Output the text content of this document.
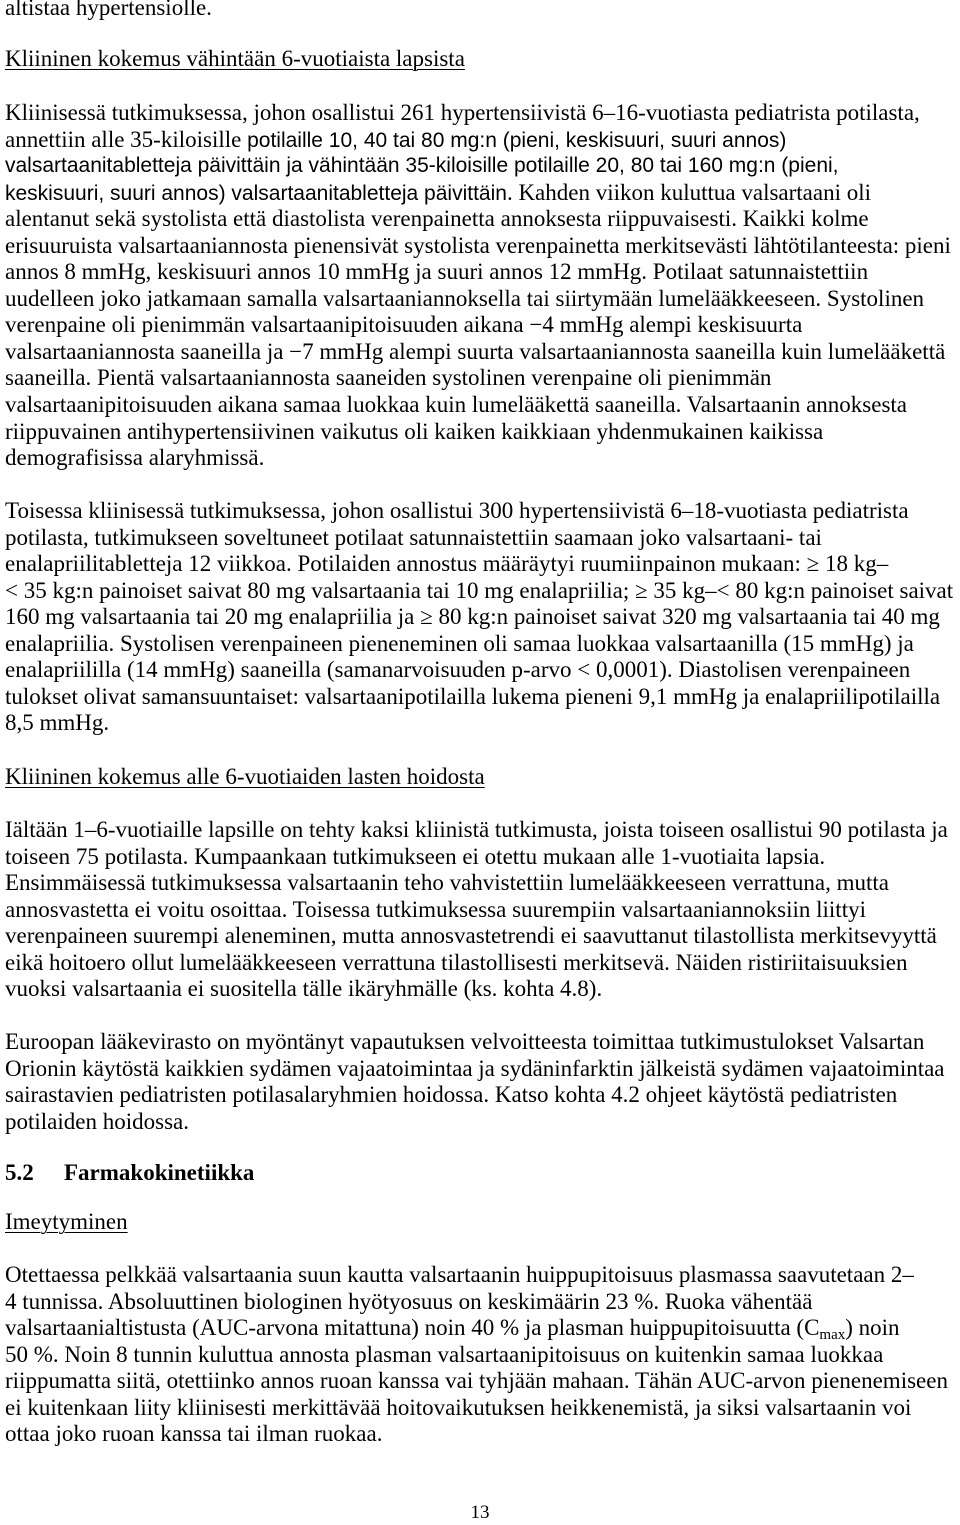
altistaa hypertensiolle.
Kliininen kokemus vähintään 6-vuotiaista lapsista
Kliinisessä tutkimuksessa, johon osallistui 261 hypertensiivistä 6–16-vuotiasta pediatrista potilasta,
annettiin alle 35-kiloisille potilaille 10, 40 tai 80 mg:n (pieni, keskisuuri, suuri annos)
valsartaanitabletteja päivittäin ja vähintään 35-kiloisille potilaille 20, 80 tai 160 mg:n (pieni,
keskisuuri, suuri annos) valsartaanitabletteja päivittäin. Kahden viikon kuluttua valsartaani oli
alentanut sekä systolista että diastolista verenpainetta annoksesta riippuvaisesti. Kaikki kolme
erisuuruista valsartaaniannosta pienensivät systolista verenpainetta merkitsevästi lähtötilanteesta: pieni
annos 8 mmHg, keskisuuri annos 10 mmHg ja suuri annos 12 mmHg. Potilaat satunnaistettiin
uudelleen joko jatkamaan samalla valsartaaniannoksella tai siirtymään lumelääkkeeseen. Systolinen
verenpaine oli pienimmän valsartaanipitoisuuden aikana −4 mmHg alempi keskisuurta
valsartaaniannosta saaneilla ja −7 mmHg alempi suurta valsartaaniannosta saaneilla kuin lumelääkettä
saaneilla. Pientä valsartaaniannosta saaneiden systolinen verenpaine oli pienimmän
valsartaanipitoisuuden aikana samaa luokkaa kuin lumelääkettä saaneilla. Valsartaanin annoksesta
riippuvainen antihypertensiivinen vaikutus oli kaiken kaikkiaan yhdenmukainen kaikissa
demografisissa alaryhmissä.
Toisessa kliinisessä tutkimuksessa, johon osallistui 300 hypertensiivistä 6–18-vuotiasta pediatrista
potilasta, tutkimukseen soveltuneet potilaat satunnaistettiin saamaan joko valsartaani- tai
enalapriilitabletteja 12 viikkoa. Potilaiden annostus määräytyi ruumiinpainon mukaan: ≥ 18 kg–
< 35 kg:n painoiset saivat 80 mg valsartaania tai 10 mg enalapriilia; ≥ 35 kg–< 80 kg:n painoiset saivat
160 mg valsartaania tai 20 mg enalapriilia ja ≥ 80 kg:n painoiset saivat 320 mg valsartaania tai 40 mg
enalapriilia. Systolisen verenpaineen pieneneminen oli samaa luokkaa valsartaanilla (15 mmHg) ja
enalapriililla (14 mmHg) saaneilla (samanarvoisuuden p-arvo < 0,0001). Diastolisen verenpaineen
tulokset olivat samansuuntaiset: valsartaanipotilailla lukema pieneni 9,1 mmHg ja enalapriilipotilailla
8,5 mmHg.
Kliininen kokemus alle 6-vuotiaiden lasten hoidosta
Iältään 1–6-vuotiaille lapsille on tehty kaksi kliinistä tutkimusta, joista toiseen osallistui 90 potilasta ja
toiseen 75 potilasta. Kumpaankaan tutkimukseen ei otettu mukaan alle 1-vuotiaita lapsia.
Ensimmäisessä tutkimuksessa valsartaanin teho vahvistettiin lumelääkkeeseen verrattuna, mutta
annosvastetta ei voitu osoittaa. Toisessa tutkimuksessa suurempiin valsartaaniannoksiin liittyi
verenpaineen suurempi aleneminen, mutta annosvastetrendi ei saavuttanut tilastollista merkitsevyyttä
eikä hoitoero ollut lumelääkkeeseen verrattuna tilastollisesti merkitsevä. Näiden ristiriitaisuuksien
vuoksi valsartaania ei suositella tälle ikäryhmälle (ks. kohta 4.8).
Euroopan lääkevirasto on myöntänyt vapautuksen velvoitteesta toimittaa tutkimustulokset Valsartan
Orionin käytöstä kaikkien sydämen vajaatoimintaa ja sydäninfarktin jälkeistä sydämen vajaatoimintaa
sairastavien pediatristen potilasalaryhmien hoidossa. Katso kohta 4.2 ohjeet käytöstä pediatristen
potilaiden hoidossa.
5.2 Farmakokinetiikka
Imeytyminen
Otettaessa pelkkää valsartaania suun kautta valsartaanin huippupitoisuus plasmassa saavutetaan 2–
4 tunnissa. Absoluuttinen biologinen hyötyosuus on keskimäärin 23 %. Ruoka vähentää
valsartaanialtistusta (AUC-arvona mitattuna) noin 40 % ja plasman huippupitoisuutta $(C_{max})$ noin
50 %. Noin 8 tunnin kuluttua annosta plasman valsartaanipitoisuus on kuitenkin samaa luokkaa
riippumatta siitä, otettiinko annos ruoan kanssa vai tyhjään mahaan. Tähän AUC-arvon pienenemiseen
ei kuitenkaan liity kliinisesti merkittävää hoitovaikutuksen heikkenemistä, ja siksi valsartaanin voi
ottaa joko ruoan kanssa tai ilman ruokaa.
13
